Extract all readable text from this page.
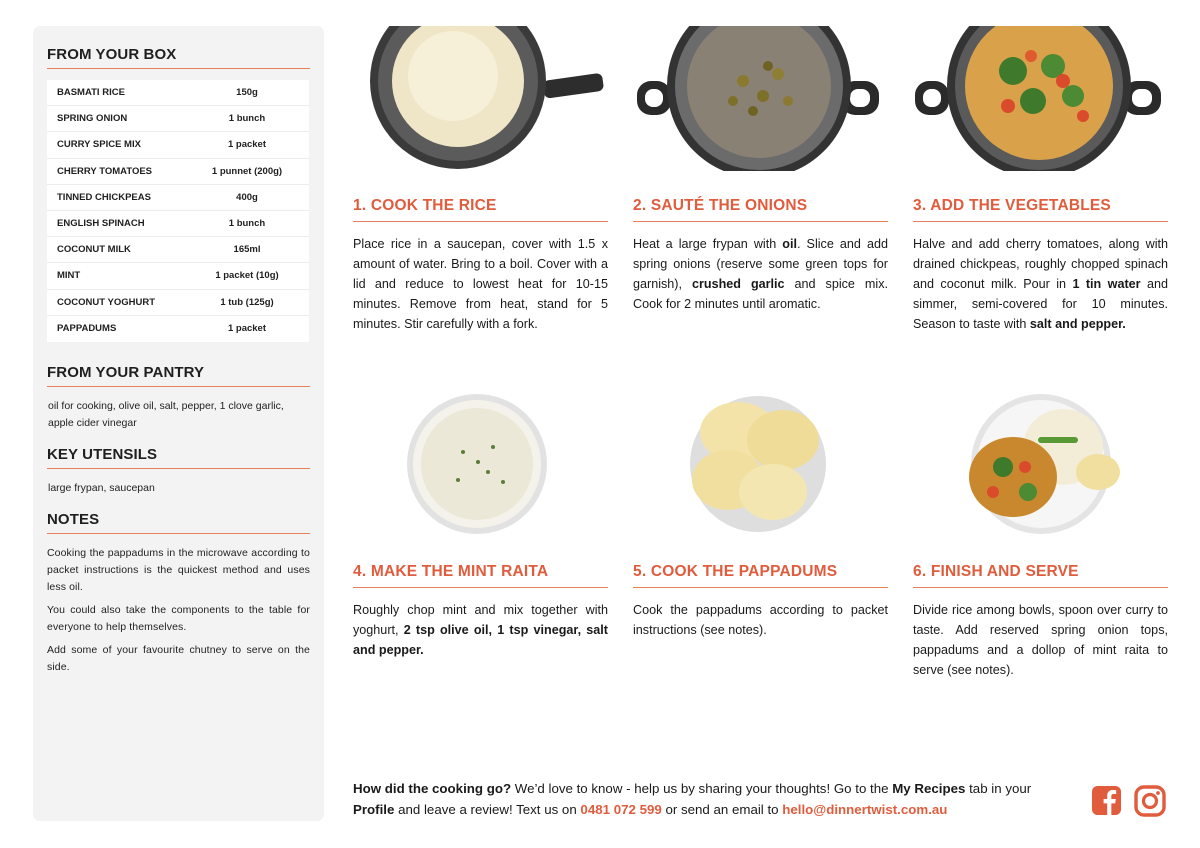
FROM YOUR BOX
BASMATI RICE	150g
SPRING ONION	1 bunch
CURRY SPICE MIX	1 packet
CHERRY TOMATOES	1 punnet (200g)
TINNED CHICKPEAS	400g
ENGLISH SPINACH	1 bunch
COCONUT MILK	165ml
MINT	1 packet (10g)
COCONUT YOGHURT	1 tub (125g)
PAPPADUMS	1 packet
FROM YOUR PANTRY
oil for cooking, olive oil, salt, pepper, 1 clove garlic, apple cider vinegar
KEY UTENSILS
large frypan, saucepan
NOTES

Cooking the pappadums in the microwave according to packet instructions is the quickest method and uses less oil.

You could also take the components to the table for everyone to help themselves.

Add some of your favourite chutney to serve on the side.

1. COOK THE RICE
Place rice in a saucepan, cover with 1.5 x amount of water. Bring to a boil. Cover with a lid and reduce to lowest heat for 10-15 minutes. Remove from heat, stand for 5 minutes. Stir carefully with a fork.
2. SAUTÉ THE ONIONS
Heat a large frypan with oil. Slice and add spring onions (reserve some green tops for garnish), crushed garlic and spice mix. Cook for 2 minutes until aromatic.
3. ADD THE VEGETABLES
Halve and add cherry tomatoes, along with drained chickpeas, roughly chopped spinach and coconut milk. Pour in 1 tin water and simmer, semi-covered for 10 minutes. Season to taste with salt and pepper.
4. MAKE THE MINT RAITA
Roughly chop mint and mix together with yoghurt, 2 tsp olive oil, 1 tsp vinegar, salt and pepper.
5. COOK THE PAPPADUMS
Cook the pappadums according to packet instructions (see notes).
6. FINISH AND SERVE
Divide rice among bowls, spoon over curry to taste. Add reserved spring onion tops, pappadums and a dollop of mint raita to serve (see notes).
How did the cooking go? We’d love to know - help us by sharing your thoughts! Go to the My Recipes tab in your Profile and leave a review! Text us on 0481 072 599 or send an email to hello@dinnertwist.com.au
